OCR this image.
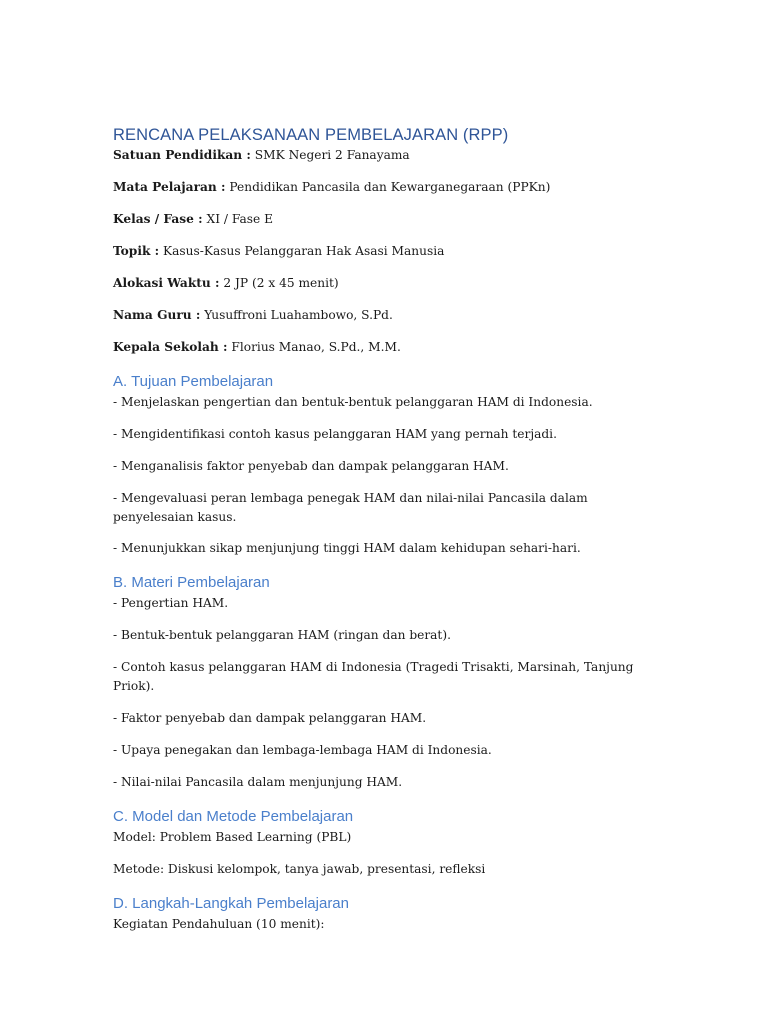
RENCANA PELAKSANAAN PEMBELAJARAN (RPP)

Satuan Pendidikan : SMK Negeri 2 Fanayama

Mata Pelajaran : Pendidikan Pancasila dan Kewarganegaraan (PPKn)

Kelas / Fase : XI / Fase E

Topik : Kasus-Kasus Pelanggaran Hak Asasi Manusia

Alokasi Waktu : 2 JP (2 x 45 menit)

Nama Guru : Yusuffroni Luahambowo, S.Pd.

Kepala Sekolah : Florius Manao, S.Pd., M.M.

A. Tujuan Pembelajaran

- Menjelaskan pengertian dan bentuk-bentuk pelanggaran HAM di Indonesia.

- Mengidentifikasi contoh kasus pelanggaran HAM yang pernah terjadi.

- Menganalisis faktor penyebab dan dampak pelanggaran HAM.

- Mengevaluasi peran lembaga penegak HAM dan nilai-nilai Pancasila dalam penyelesaian kasus.

- Menunjukkan sikap menjunjung tinggi HAM dalam kehidupan sehari-hari.

B. Materi Pembelajaran

- Pengertian HAM.

- Bentuk-bentuk pelanggaran HAM (ringan dan berat).

- Contoh kasus pelanggaran HAM di Indonesia (Tragedi Trisakti, Marsinah, Tanjung Priok).

- Faktor penyebab dan dampak pelanggaran HAM.

- Upaya penegakan dan lembaga-lembaga HAM di Indonesia.

- Nilai-nilai Pancasila dalam menjunjung HAM.

C. Model dan Metode Pembelajaran

Model: Problem Based Learning (PBL)

Metode: Diskusi kelompok, tanya jawab, presentasi, refleksi

D. Langkah-Langkah Pembelajaran

Kegiatan Pendahuluan (10 menit):
